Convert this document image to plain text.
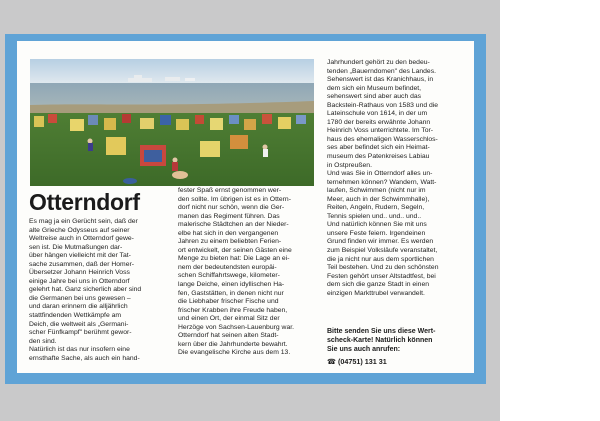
Otterndorf
Es mag ja ein Gerücht sein, daß der
alte Grieche Odysseus auf seiner
Weltreise auch in Otterndorf gewe-
sen ist. Die Mutmaßungen dar-
über hängen vielleicht mit der Tat-
sache zusammen, daß der Homer-
Übersetzer Johann Heinrich Voss
einige Jahre bei uns in Otterndorf
gelehrt hat. Ganz sicherlich aber sind
die Germanen bei uns gewesen –
und daran erinnern die alljährlich
stattfindenden Wettkämpfe am
Deich, die weltweit als „Germani-
scher Fünfkampf" berühmt gewor-
den sind.
Natürlich ist das nur insofern eine
ernsthafte Sache, als auch ein hand-
fester Spaß ernst genommen wer-
den sollte. Im übrigen ist es in Ottern-
dorf nicht nur schön, wenn die Ger-
manen das Regiment führen. Das
malerische Städtchen an der Nieder-
elbe hat sich in den vergangenen
Jahren zu einem beliebten Ferien-
ort entwickelt, der seinen Gästen eine
Menge zu bieten hat: Die Lage an ei-
nem der bedeutendsten europäi-
schen Schiffahrtswege, kilometer-
lange Deiche, einen idyllischen Ha-
fen, Gaststätten, in denen nicht nur
die Liebhaber frischer Fische und
frischer Krabben ihre Freude haben,
und einen Ort, der einmal Sitz der
Herzöge von Sachsen-Lauenburg war.
Otterndorf hat seinen alten Stadt-
kern über die Jahrhunderte bewahrt.
Die evangelische Kirche aus dem 13.
Jahrhundert gehört zu den bedeu-
tenden „Bauerndomen" des Landes.
Sehenswert ist das Kranichhaus, in
dem sich ein Museum befindet,
sehenswert sind aber auch das
Backstein-Rathaus von 1583 und die
Lateinschule von 1614, in der um
1780 der bereits erwähnte Johann
Heinrich Voss unterrichtete. Im Tor-
haus des ehemaligen Wasserschlos-
ses aber befindet sich ein Heimat-
museum des Patenkreises Labiau
in Ostpreußen.
Und was Sie in Otterndorf alles un-
ternehmen können? Wandern, Watt-
laufen, Schwimmen (nicht nur im
Meer, auch in der Schwimmhalle),
Reiten, Angeln, Rudern, Segeln,
Tennis spielen und.. und.. und..
Und natürlich können Sie mit uns
unsere Feste feiern. Irgendeinen
Grund finden wir immer. Es werden
zum Beispiel Volksläufe veranstaltet,
die ja nicht nur aus dem sportlichen
Teil bestehen. Und zu den schönsten
Festen gehört unser Altstadtfest, bei
dem sich die ganze Stadt in einen
einzigen Markttrubel verwandelt.
Bitte senden Sie uns diese Wert-
scheck-Karte! Natürlich können
Sie uns auch anrufen:
☎ (04751) 131 31
